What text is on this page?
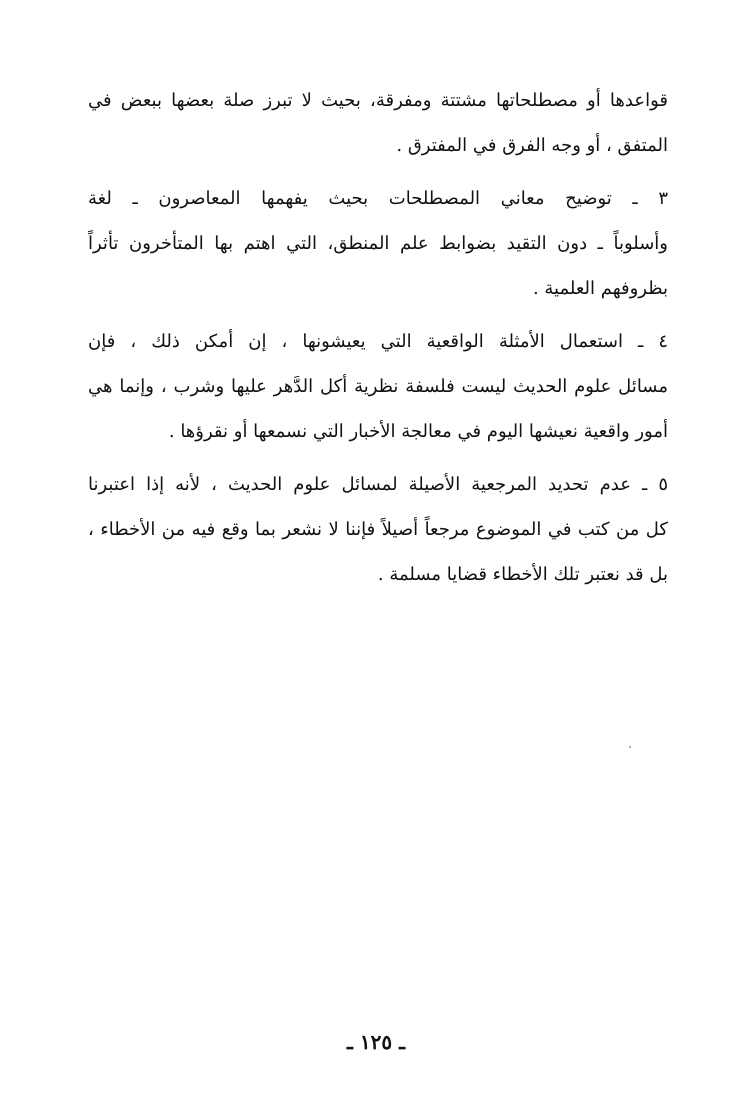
قواعدها أو مصطلحاتها مشتتة ومفرقة، بحيث لا تبرز صلة بعضها ببعض في
المتفق ، أو وجه الفرق في المفترق .
٣ ـ توضيح معاني المصطلحات بحيث يفهمها المعاصرون ـ لغة
وأسلوباً ـ دون التقيد بضوابط علم المنطق، التي اهتم بها المتأخرون تأثراً
بظروفهم العلمية .
٤ ـ استعمال الأمثلة الواقعية التي يعيشونها ، إن أمكن ذلك ، فإن
مسائل علوم الحديث ليست فلسفة نظرية أكل الدَّهر عليها وشرب ، وإنما هي
أمور واقعية نعيشها اليوم في معالجة الأخبار التي نسمعها أو نقرؤها .
٥ ـ عدم تحديد المرجعية الأصيلة لمسائل علوم الحديث ، لأنه إذا اعتبرنا
كل من كتب في الموضوع مرجعاً أصيلاً فإننا لا نشعر بما وقع فيه من الأخطاء ،
بل قد نعتبر تلك الأخطاء قضايا مسلمة .
ـ ١٢٥ ـ
